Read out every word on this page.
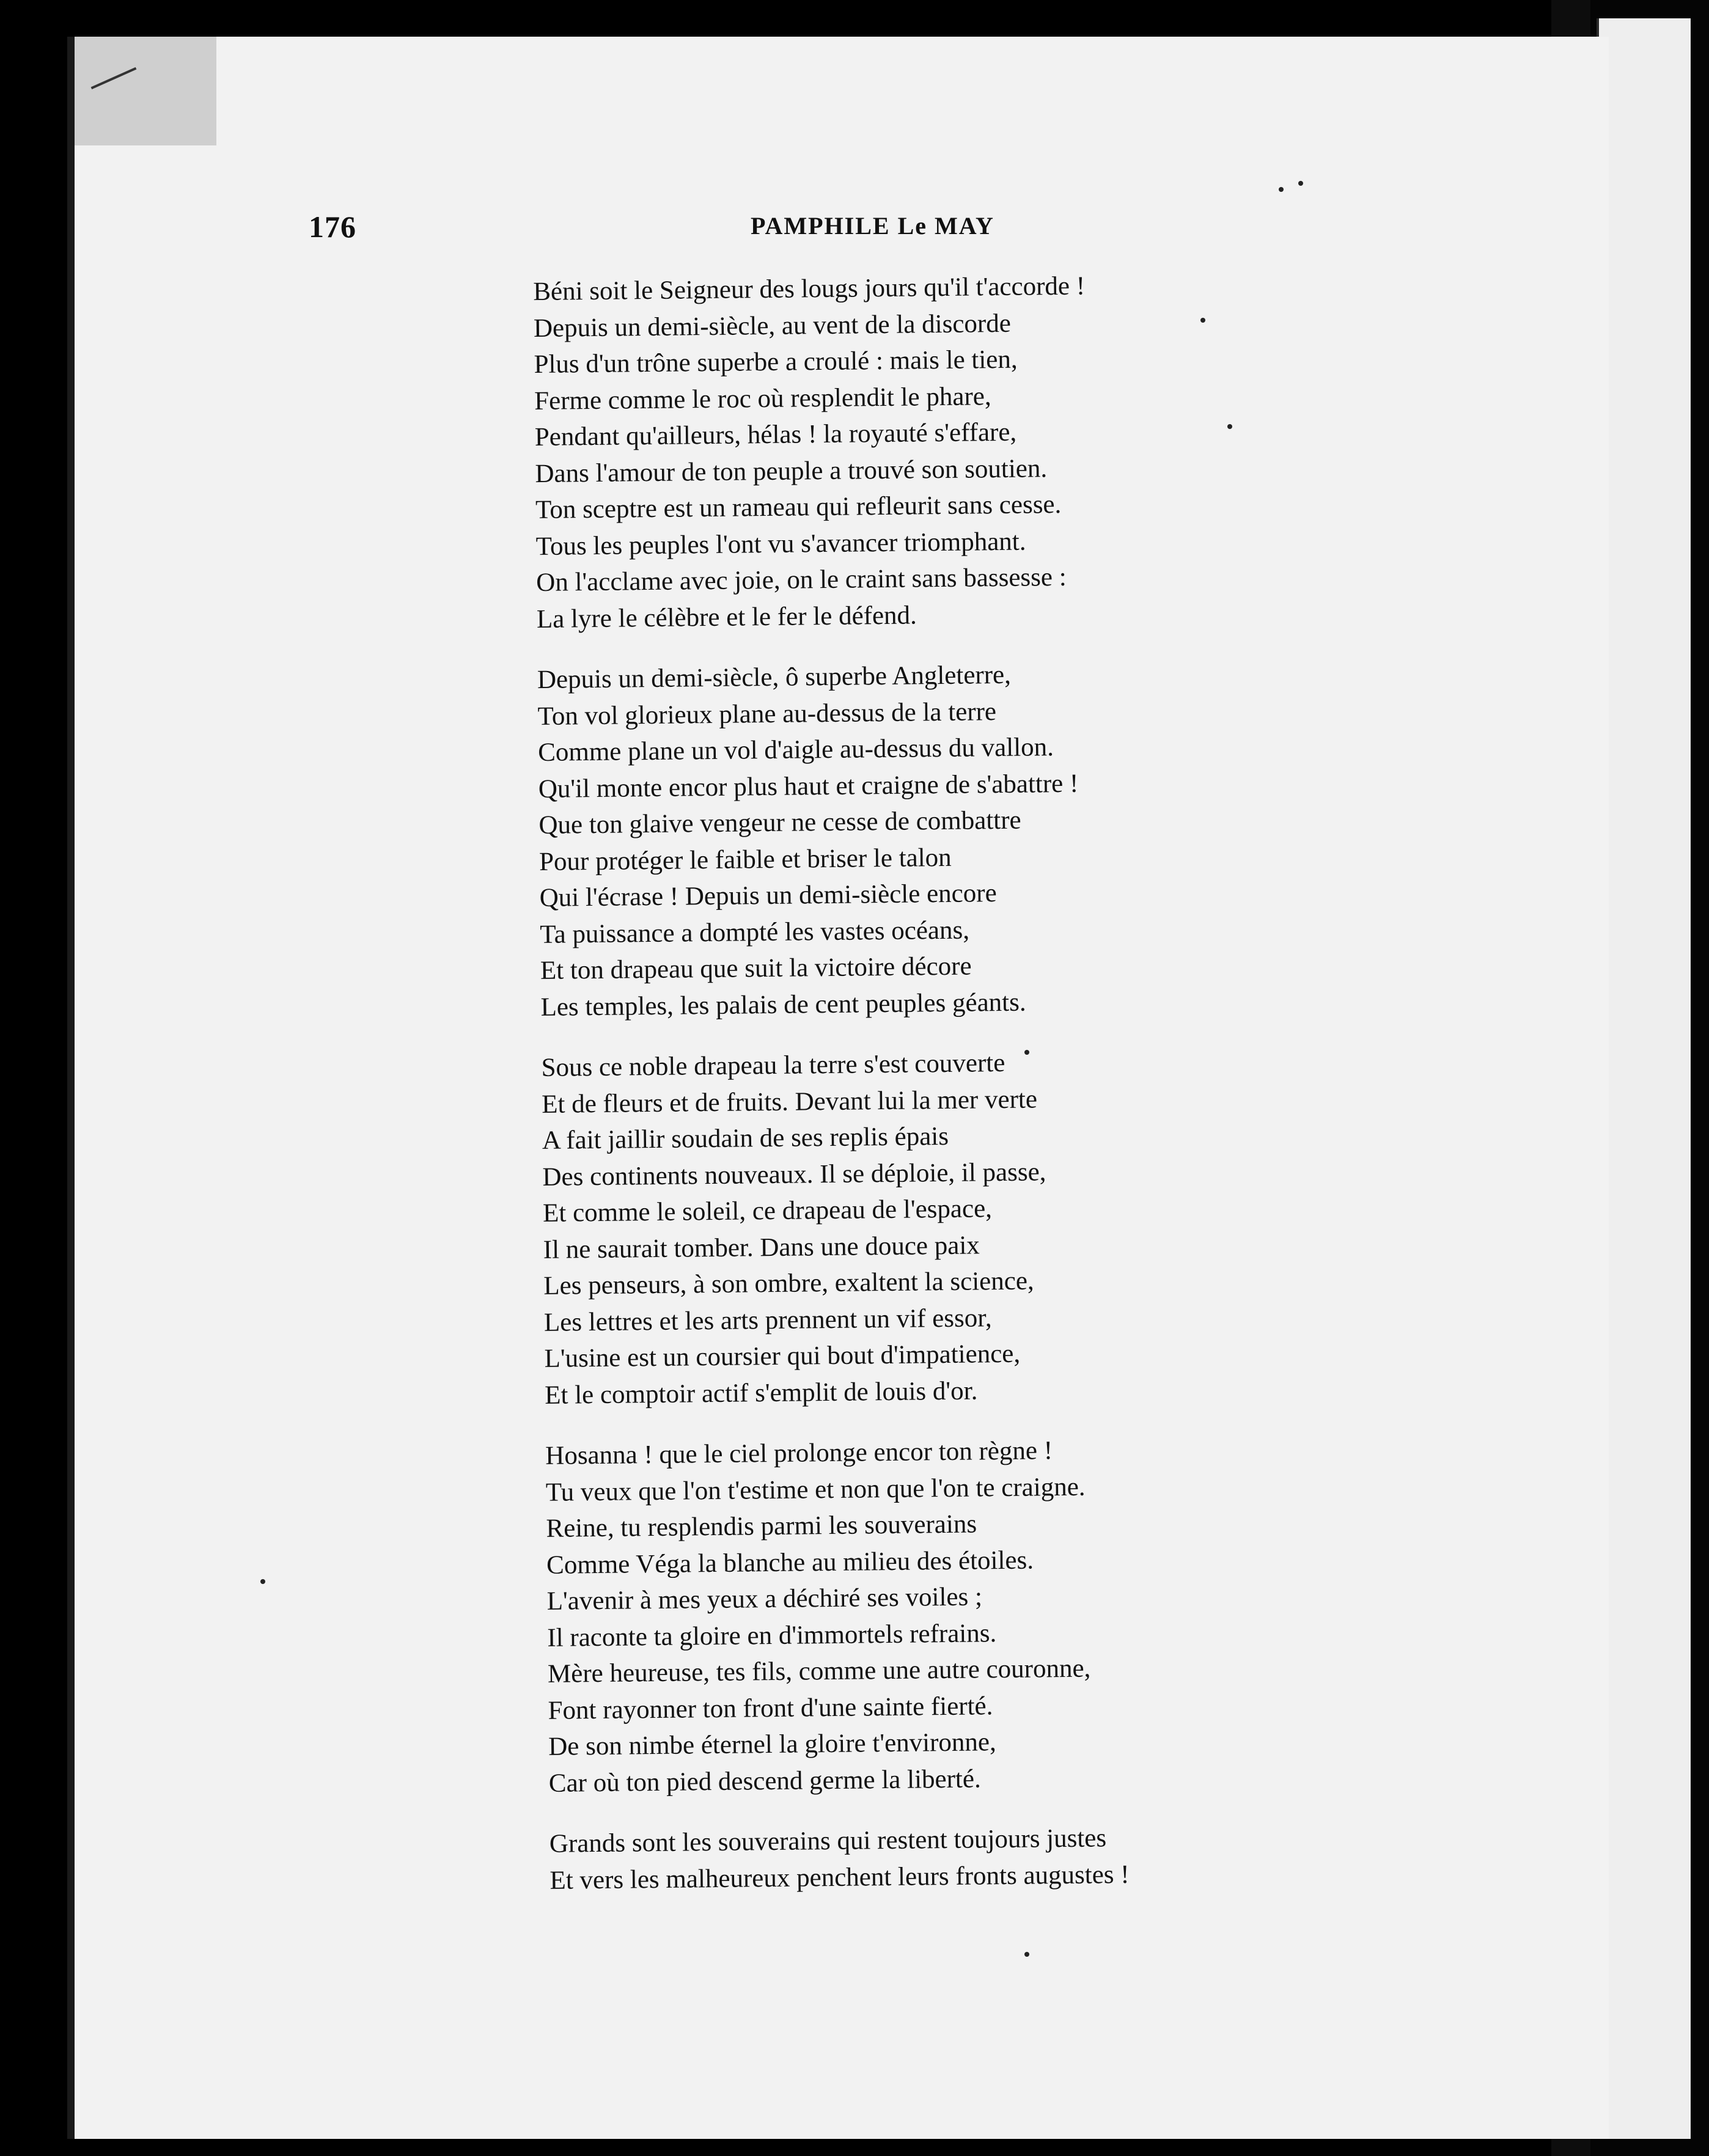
176	PAMPHILE Le MAY
Béni soit le Seigneur des lougs jours qu'il t'accorde !
Depuis un demi-siècle, au vent de la discorde
Plus d'un trône superbe a croulé : mais le tien,
Ferme comme le roc où resplendit le phare,
Pendant qu'ailleurs, hélas ! la royauté s'effare,
Dans l'amour de ton peuple a trouvé son soutien.
Ton sceptre est un rameau qui refleurit sans cesse.
Tous les peuples l'ont vu s'avancer triomphant.
On l'acclame avec joie, on le craint sans bassesse :
La lyre le célèbre et le fer le défend.
Depuis un demi-siècle, ô superbe Angleterre,
Ton vol glorieux plane au-dessus de la terre
Comme plane un vol d'aigle au-dessus du vallon.
Qu'il monte encor plus haut et craigne de s'abattre !
Que ton glaive vengeur ne cesse de combattre
Pour protéger le faible et briser le talon
Qui l'écrase ! Depuis un demi-siècle encore
Ta puissance a dompté les vastes océans,
Et ton drapeau que suit la victoire décore
Les temples, les palais de cent peuples géants.
Sous ce noble drapeau la terre s'est couverte
Et de fleurs et de fruits. Devant lui la mer verte
A fait jaillir soudain de ses replis épais
Des continents nouveaux. Il se déploie, il passe,
Et comme le soleil, ce drapeau de l'espace,
Il ne saurait tomber. Dans une douce paix
Les penseurs, à son ombre, exaltent la science,
Les lettres et les arts prennent un vif essor,
L'usine est un coursier qui bout d'impatience,
Et le comptoir actif s'emplit de louis d'or.
Hosanna ! que le ciel prolonge encor ton règne !
Tu veux que l'on t'estime et non que l'on te craigne.
Reine, tu resplendis parmi les souverains
Comme Véga la blanche au milieu des étoiles.
L'avenir à mes yeux a déchiré ses voiles ;
Il raconte ta gloire en d'immortels refrains.
Mère heureuse, tes fils, comme une autre couronne,
Font rayonner ton front d'une sainte fierté.
De son nimbe éternel la gloire t'environne,
Car où ton pied descend germe la liberté.
Grands sont les souverains qui restent toujours justes
Et vers les malheureux penchent leurs fronts augustes !
